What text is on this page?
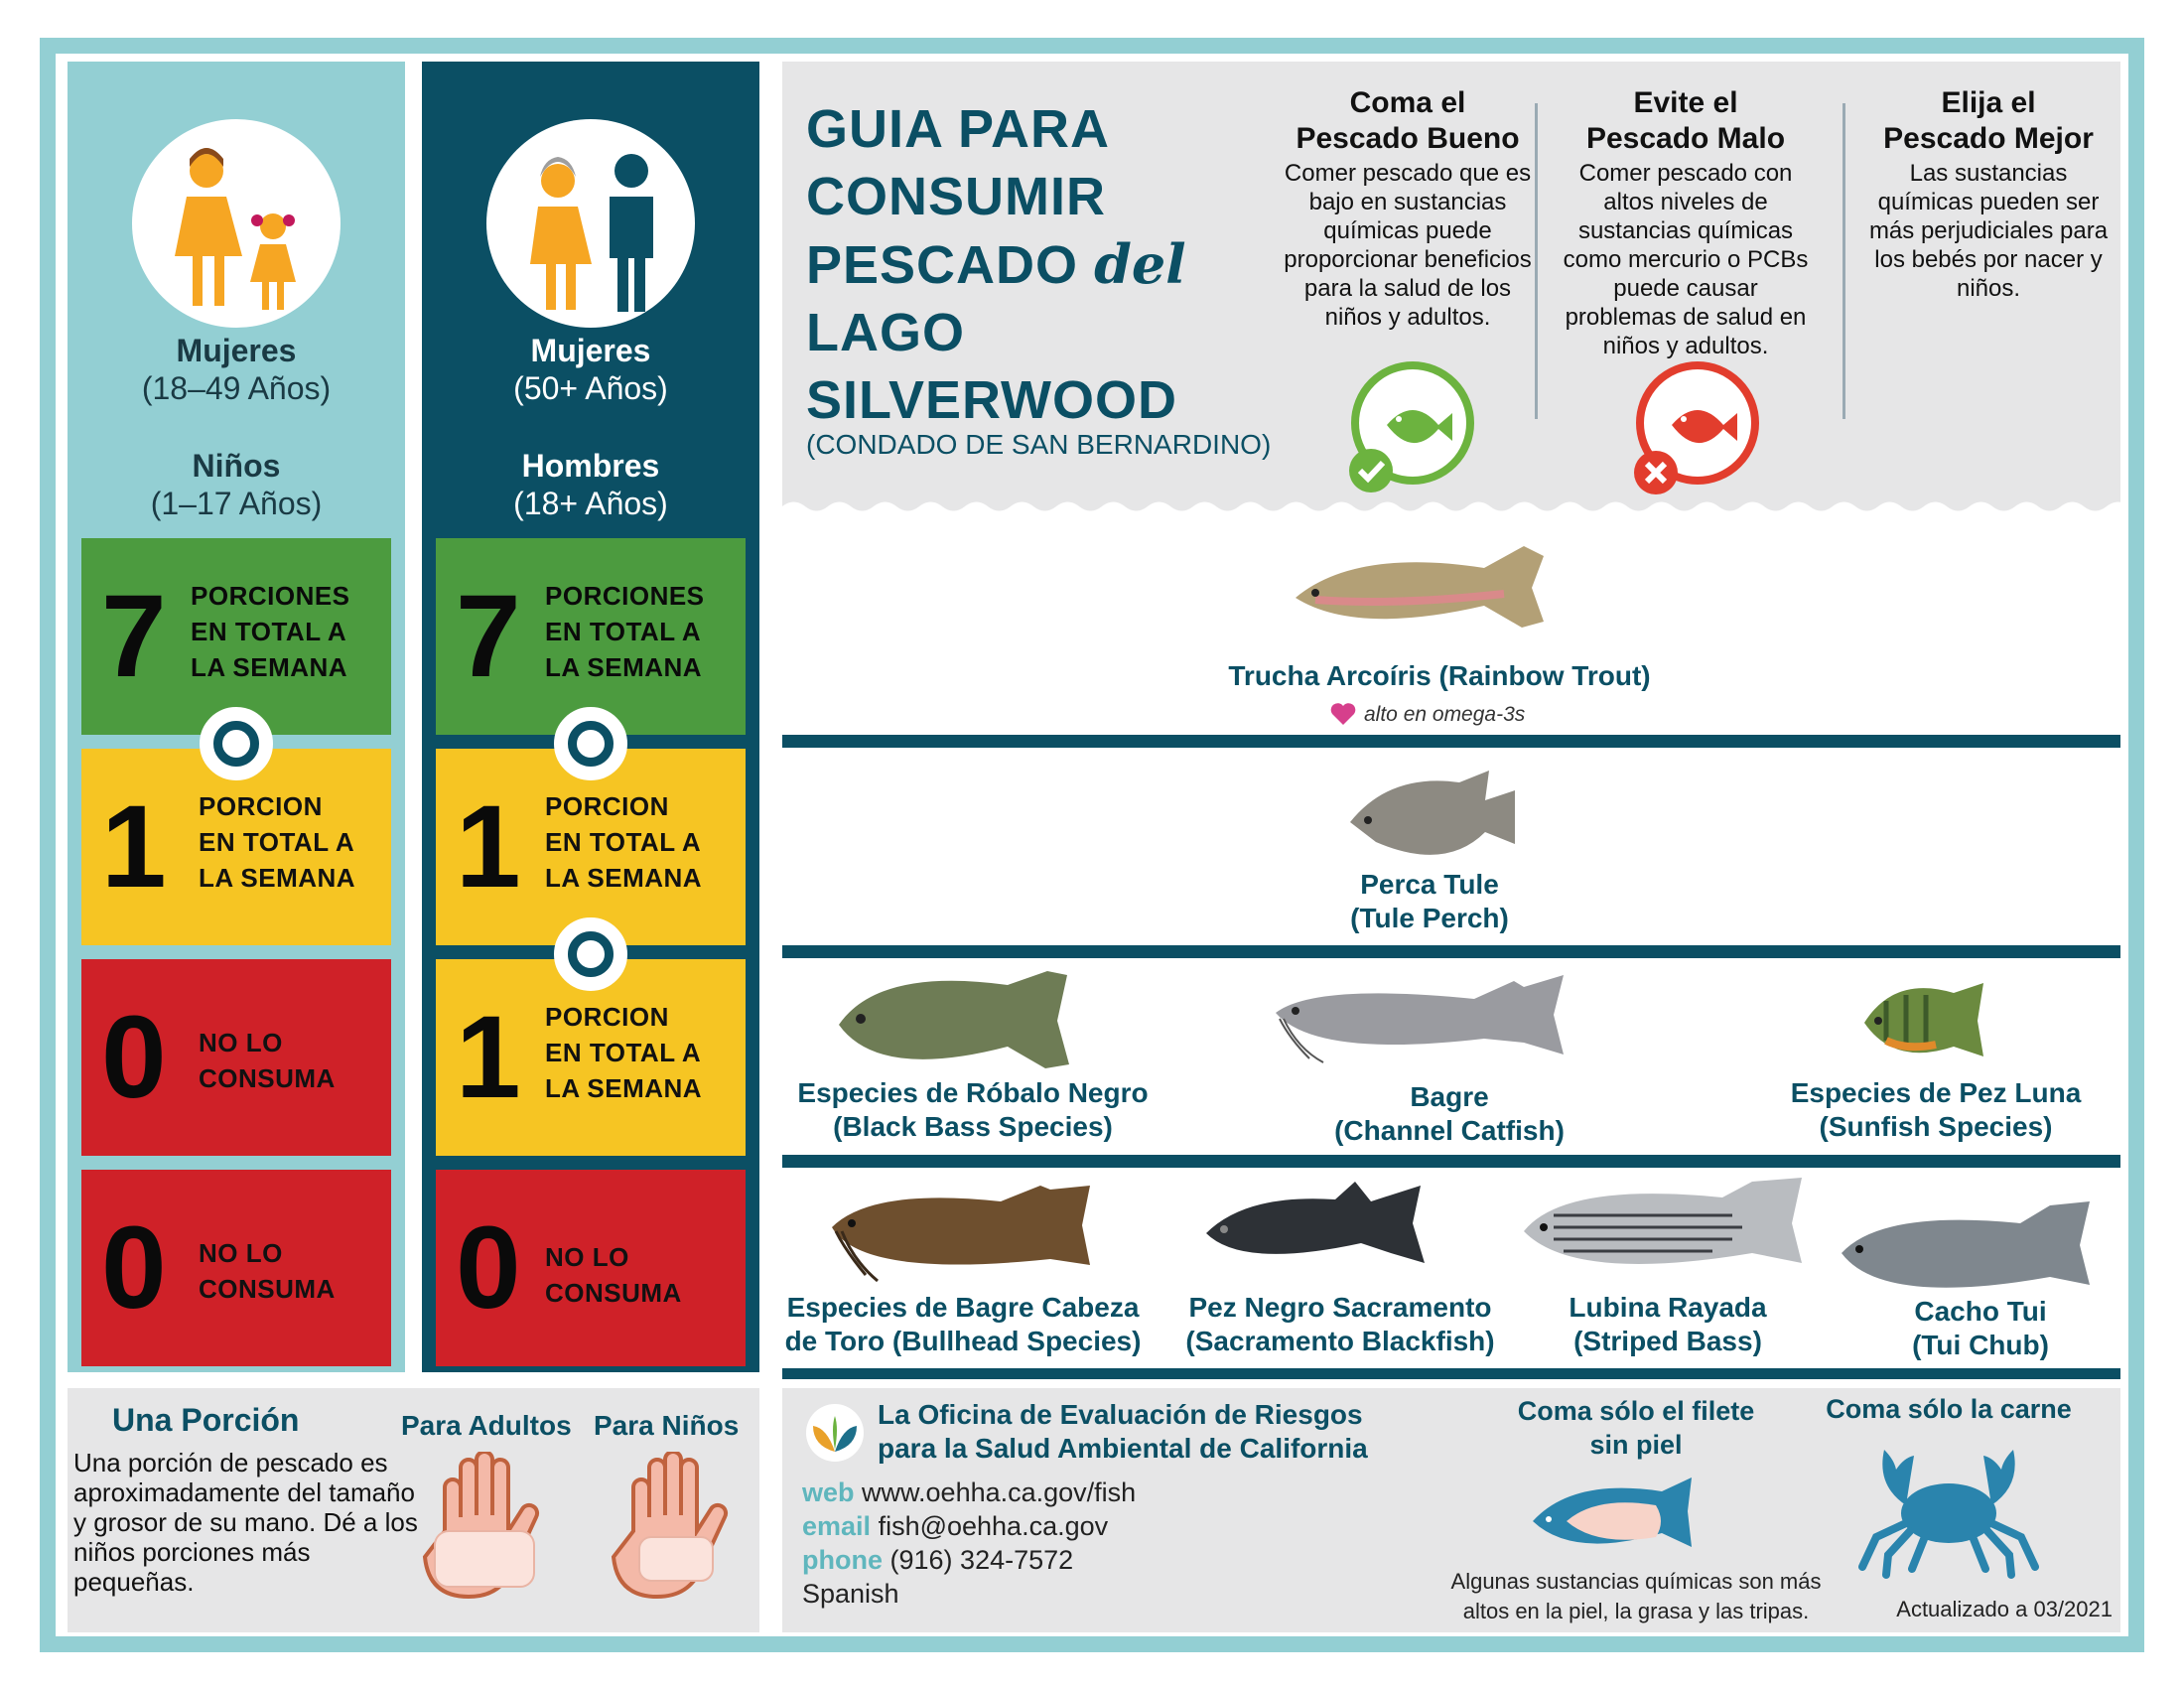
Mujeres
(18–49 Años)
Niños
(1–17 Años)
7 PORCIONES
EN TOTAL A
LA SEMANA
1 PORCION
EN TOTAL A
LA SEMANA
0 NO LO
CONSUMA
0 NO LO
CONSUMA
Mujeres
(50+ Años)
Hombres
(18+ Años)
7 PORCIONES
EN TOTAL A
LA SEMANA
1 PORCION
EN TOTAL A
LA SEMANA
1 PORCION
EN TOTAL A
LA SEMANA
0 NO LO
CONSUMA
GUIA PARA
CONSUMIR
PESCADO del
LAGO
SILVERWOOD
(CONDADO DE SAN BERNARDINO)
Coma el
Pescado Bueno
Comer pescado que es bajo en sustancias químicas puede proporcionar beneficios para la salud de los niños y adultos.
Evite el
Pescado Malo
Comer pescado con altos niveles de sustancias químicas como mercurio o PCBs puede causar problemas de salud en niños y adultos.
Elija el
Pescado Mejor
Las sustancias químicas pueden ser más perjudiciales para los bebés por nacer y niños.
Trucha Arcoíris (Rainbow Trout)
alto en omega-3s
Perca Tule
(Tule Perch)
Especies de Róbalo Negro
(Black Bass Species)
Bagre
(Channel Catfish)
Especies de Pez Luna
(Sunfish Species)
Especies de Bagre Cabeza
de Toro (Bullhead Species)
Pez Negro Sacramento
(Sacramento Blackfish)
Lubina Rayada
(Striped Bass)
Cacho Tui
(Tui Chub)
Una Porción
Una porción de pescado es aproximadamente del tamaño y grosor de su mano. Dé a los niños porciones más pequeñas.
Para Adultos Para Niños	La Oficina de Evaluación de Riesgos
para la Salud Ambiental de California
web www.oehha.ca.gov/fish
email fish@oehha.ca.gov
phone (916) 324-7572
Spanish
Coma sólo el filete
sin piel
Algunas sustancias químicas son más altos en la piel, la grasa y las tripas.
Coma sólo la carne
Actualizado a 03/2021
